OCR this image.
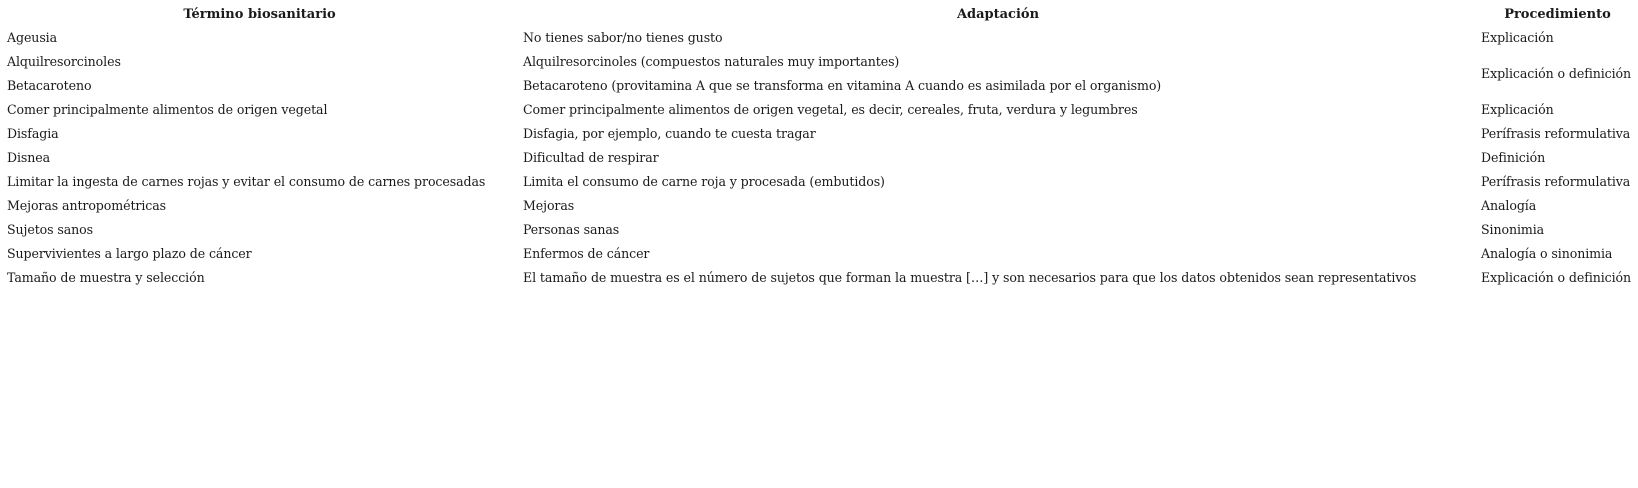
Término biosanitario	Adaptación	Procedimiento
Ageusia	No tienes sabor/no tienes gusto	Explicación
Alquilresorcinoles	Alquilresorcinoles (compuestos naturales muy importantes)	Explicación o definición
Betacaroteno	Betacaroteno (provitamina A que se transforma en vitamina A cuando es asimilada por el organismo)	
Comer principalmente alimentos de origen vegetal	Comer principalmente alimentos de origen vegetal, es decir, cereales, fruta, verdura y legumbres	Explicación
Disfagia	Disfagia, por ejemplo, cuando te cuesta tragar	Perífrasis reformulativa
Disnea	Dificultad de respirar	Definición
Limitar la ingesta de carnes rojas y evitar el consumo de carnes procesadas	Limita el consumo de carne roja y procesada (embutidos)	Perífrasis reformulativa
Mejoras antropométricas	Mejoras	Analogía
Sujetos sanos	Personas sanas	Sinonimia
Supervivientes a largo plazo de cáncer	Enfermos de cáncer	Analogía o sinonimia
Tamaño de muestra y selección	El tamaño de muestra es el número de sujetos que forman la muestra […] y son necesarios para que los datos obtenidos sean representativos	Explicación o definición
